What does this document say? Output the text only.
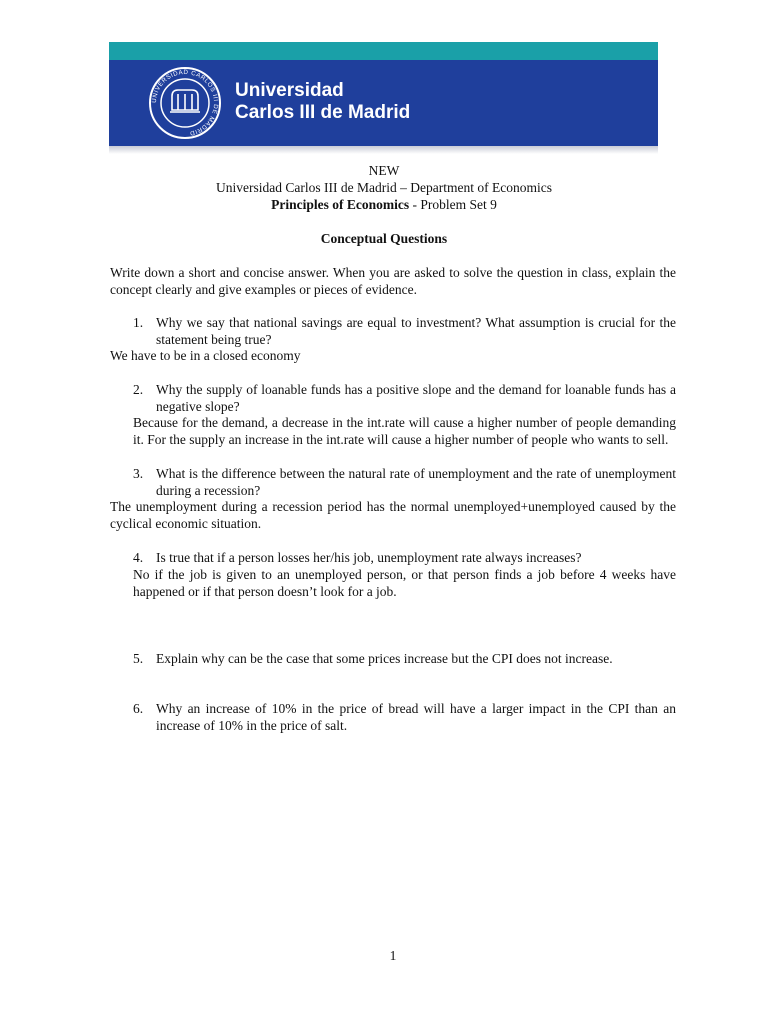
UNIVERSIDAD CARLOS III DE MADRID
Universidad
Carlos III de Madrid
NEW
Universidad Carlos III de Madrid – Department of Economics
Principles of Economics - Problem Set 9
Conceptual Questions
Write down a short and concise answer. When you are asked to solve the question in class, explain the concept clearly and give examples or pieces of evidence.
1. Why we say that national savings are equal to investment? What assumption is crucial for the statement being true?
We have to be in a closed economy
2. Why the supply of loanable funds has a positive slope and the demand for loanable funds has a negative slope?
Because for the demand, a decrease in the int.rate will cause a higher number of people demanding it. For the supply an increase in the int.rate will cause a higher number of people who wants to sell.
3. What is the difference between the natural rate of unemployment and the rate of unemployment during a recession?
The unemployment during a recession period has the normal unemployed+unemployed caused by the cyclical economic situation.
4. Is true that if a person losses her/his job, unemployment rate always increases?
No if the job is given to an unemployed person, or that person finds a job before 4 weeks have happened or if that person doesn’t look for a job.
5. Explain why can be the case that some prices increase but the CPI does not increase.
6. Why an increase of 10% in the price of bread will have a larger impact in the CPI than an increase of 10% in the price of salt.
1
